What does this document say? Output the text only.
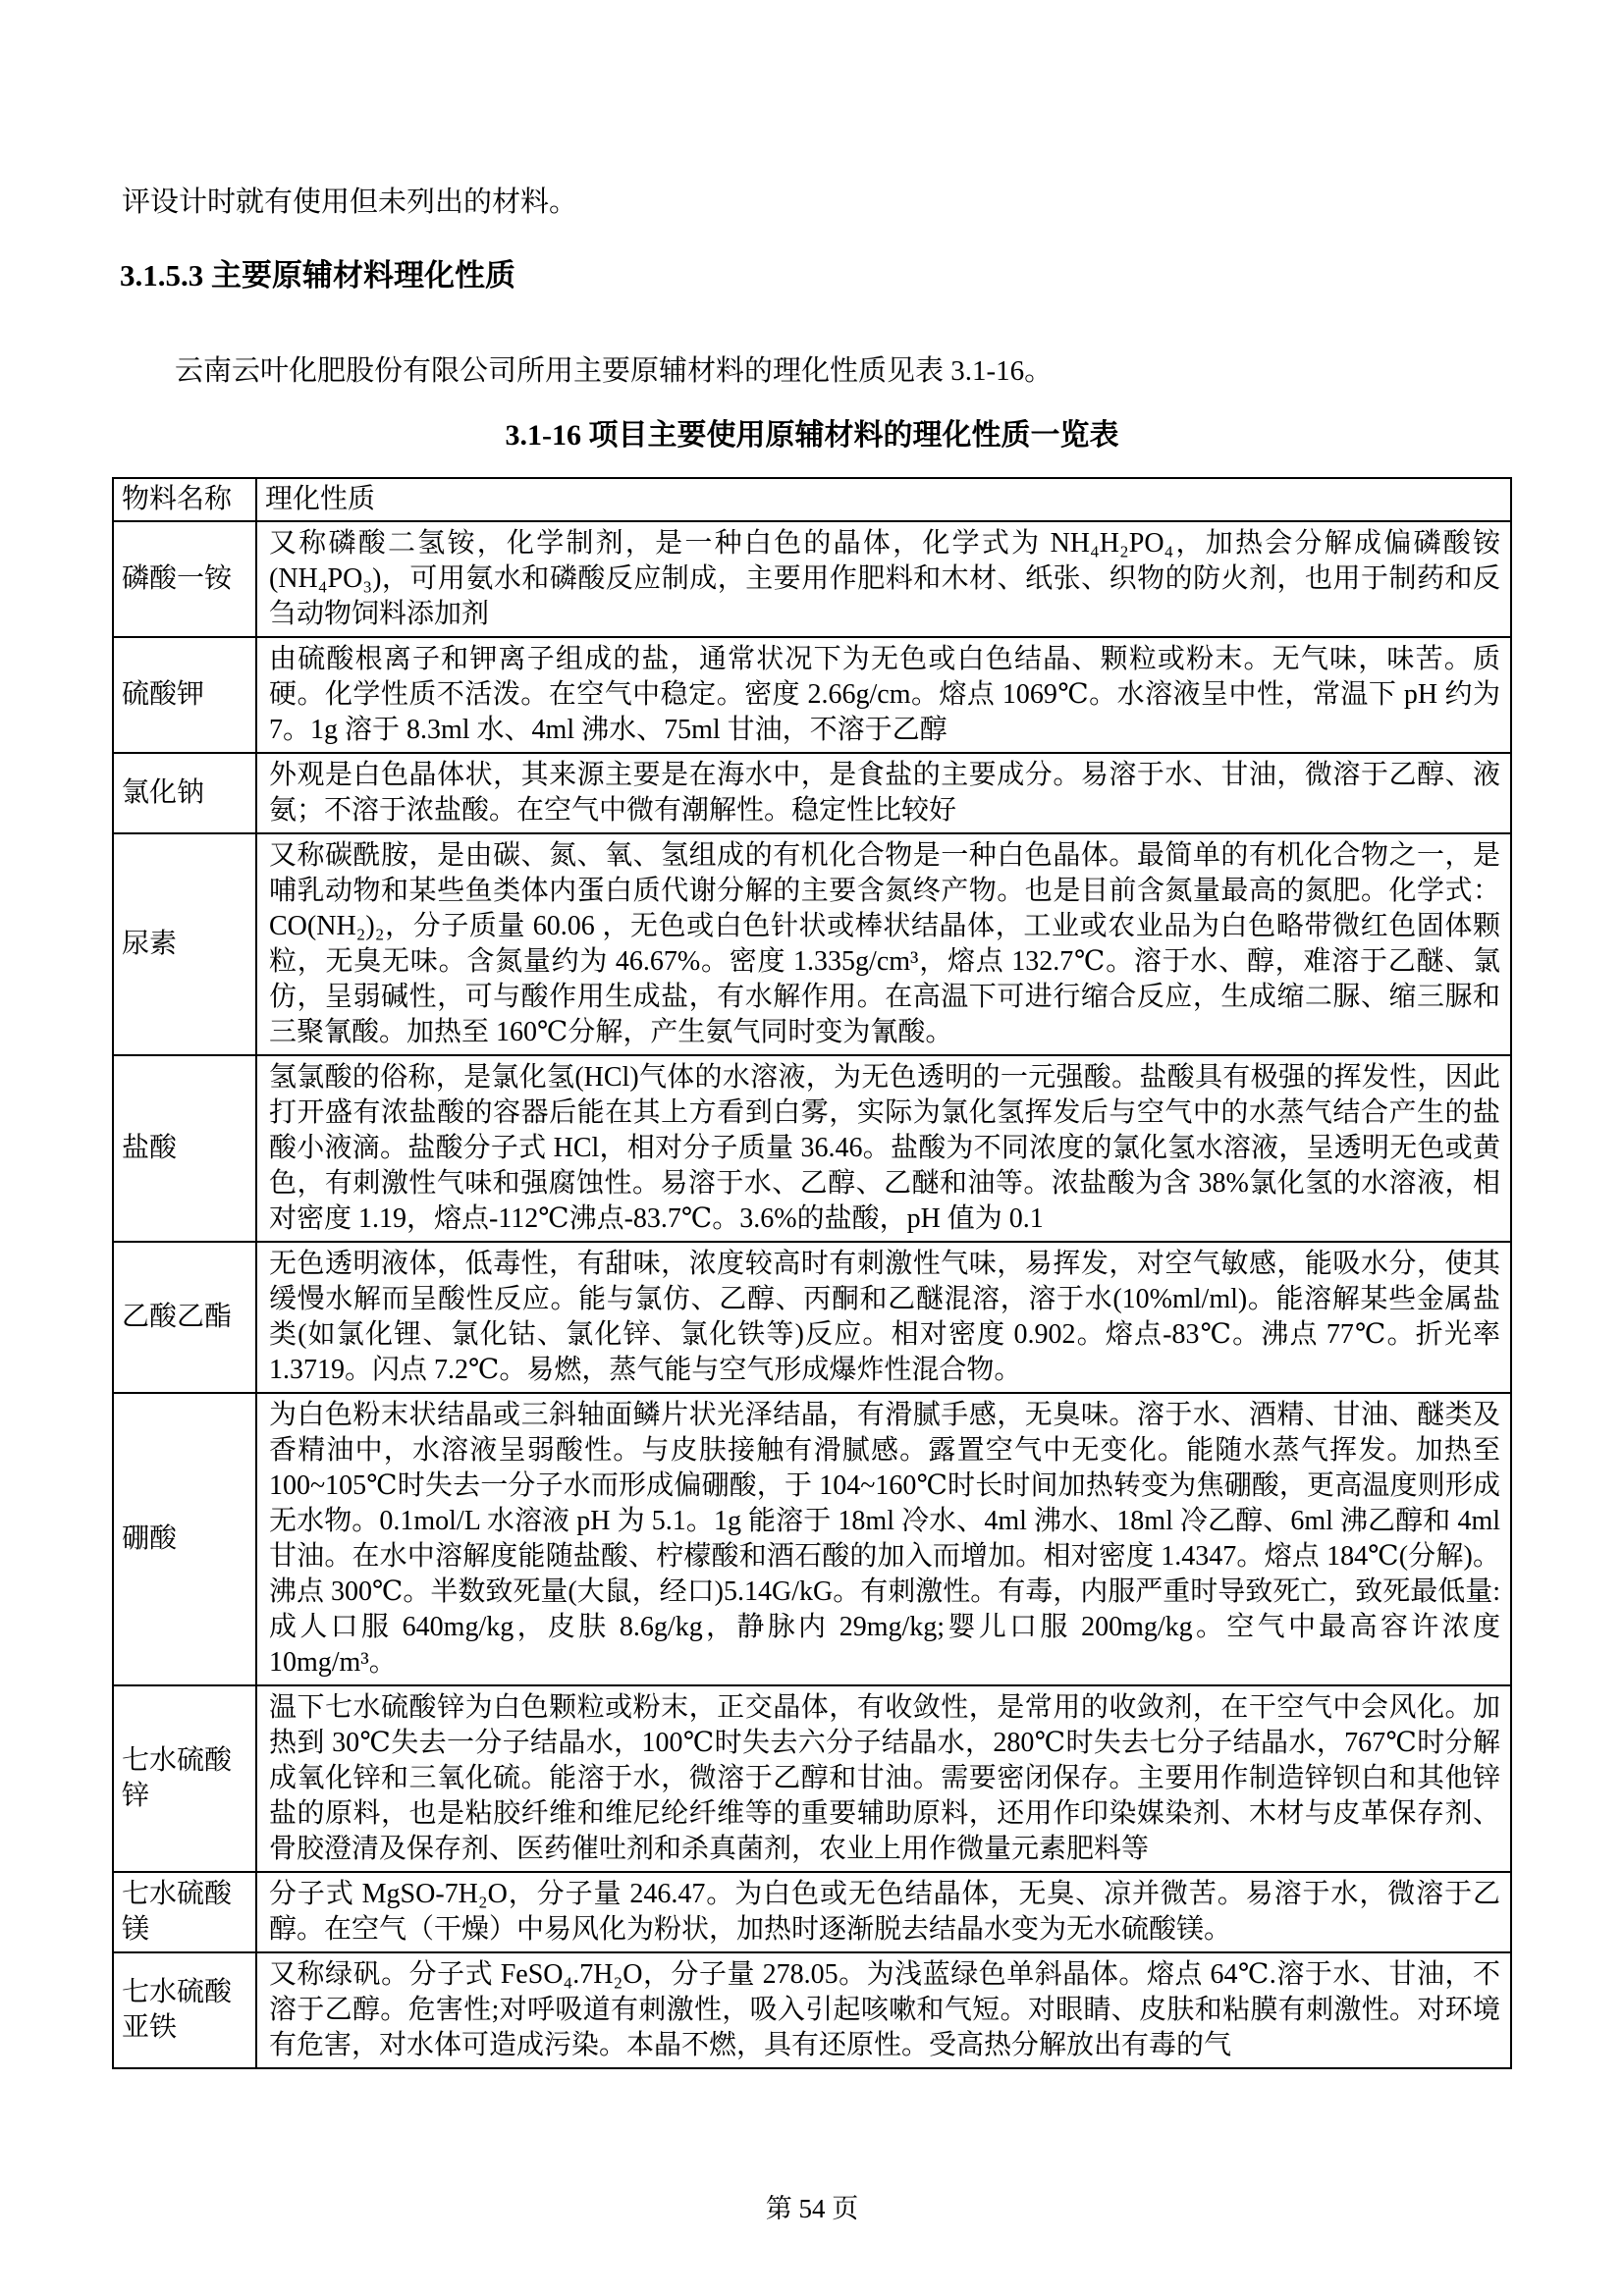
评设计时就有使用但未列出的材料。

3.1.5.3 主要原辅材料理化性质

云南云叶化肥股份有限公司所用主要原辅材料的理化性质见表 3.1-16。

3.1-16 项目主要使用原辅材料的理化性质一览表
物料名称	理化性质
磷酸一铵	又称磷酸二氢铵，化学制剂，是一种白色的晶体，化学式为 NH₄H₂PO₄，加热会分解成偏磷酸铵(NH₄PO₃)，可用氨水和磷酸反应制成，主要用作肥料和木材、纸张、织物的防火剂，也用于制药和反刍动物饲料添加剂
硫酸钾	由硫酸根离子和钾离子组成的盐，通常状况下为无色或白色结晶、颗粒或粉末。无气味，味苦。质硬。化学性质不活泼。在空气中稳定。密度 2.66g/cm。熔点 1069℃。水溶液呈中性，常温下 pH 约为 7。1g 溶于 8.3ml 水、4ml 沸水、75ml 甘油，不溶于乙醇
氯化钠	外观是白色晶体状，其来源主要是在海水中，是食盐的主要成分。易溶于水、甘油，微溶于乙醇、液氨；不溶于浓盐酸。在空气中微有潮解性。稳定性比较好
尿素	又称碳酰胺，是由碳、氮、氧、氢组成的有机化合物是一种白色晶体。最简单的有机化合物之一，是哺乳动物和某些鱼类体内蛋白质代谢分解的主要含氮终产物。也是目前含氮量最高的氮肥。化学式：CO(NH₂)₂，分子质量 60.06 ，无色或白色针状或棒状结晶体，工业或农业品为白色略带微红色固体颗粒，无臭无味。含氮量约为 46.67%。密度 1.335g/cm³，熔点 132.7℃。溶于水、醇，难溶于乙醚、氯仿，呈弱碱性，可与酸作用生成盐，有水解作用。在高温下可进行缩合反应，生成缩二脲、缩三脲和三聚氰酸。加热至 160℃分解，产生氨气同时变为氰酸。
盐酸	氢氯酸的俗称，是氯化氢(HCl)气体的水溶液，为无色透明的一元强酸。盐酸具有极强的挥发性，因此打开盛有浓盐酸的容器后能在其上方看到白雾，实际为氯化氢挥发后与空气中的水蒸气结合产生的盐酸小液滴。盐酸分子式 HCl，相对分子质量 36.46。盐酸为不同浓度的氯化氢水溶液，呈透明无色或黄色，有刺激性气味和强腐蚀性。易溶于水、乙醇、乙醚和油等。浓盐酸为含 38%氯化氢的水溶液，相对密度 1.19，熔点-112℃沸点-83.7℃。3.6%的盐酸，pH 值为 0.1
乙酸乙酯	无色透明液体，低毒性，有甜味，浓度较高时有刺激性气味，易挥发，对空气敏感，能吸水分，使其缓慢水解而呈酸性反应。能与氯仿、乙醇、丙酮和乙醚混溶，溶于水(10%ml/ml)。能溶解某些金属盐类(如氯化锂、氯化钴、氯化锌、氯化铁等)反应。相对密度 0.902。熔点-83℃。沸点 77℃。折光率 1.3719。闪点 7.2℃。易燃，蒸气能与空气形成爆炸性混合物。
硼酸	为白色粉末状结晶或三斜轴面鳞片状光泽结晶，有滑腻手感，无臭味。溶于水、酒精、甘油、醚类及香精油中，水溶液呈弱酸性。与皮肤接触有滑腻感。露置空气中无变化。能随水蒸气挥发。加热至 100~105℃时失去一分子水而形成偏硼酸，于 104~160℃时长时间加热转变为焦硼酸，更高温度则形成无水物。0.1mol/L 水溶液 pH 为 5.1。1g 能溶于 18ml 冷水、4ml 沸水、18ml 冷乙醇、6ml 沸乙醇和 4ml 甘油。在水中溶解度能随盐酸、柠檬酸和酒石酸的加入而增加。相对密度 1.4347。熔点 184℃(分解)。沸点 300℃。半数致死量(大鼠，经口)5.14G/kG。有刺激性。有毒，内服严重时导致死亡，致死最低量:成人口服 640mg/kg，皮肤 8.6g/kg，静脉内 29mg/kg;婴儿口服 200mg/kg。空气中最高容许浓度 10mg/m³。
七水硫酸锌	温下七水硫酸锌为白色颗粒或粉末，正交晶体，有收敛性，是常用的收敛剂，在干空气中会风化。加热到 30℃失去一分子结晶水，100℃时失去六分子结晶水，280℃时失去七分子结晶水，767℃时分解成氧化锌和三氧化硫。能溶于水，微溶于乙醇和甘油。需要密闭保存。主要用作制造锌钡白和其他锌盐的原料，也是粘胶纤维和维尼纶纤维等的重要辅助原料，还用作印染媒染剂、木材与皮革保存剂、骨胶澄清及保存剂、医药催吐剂和杀真菌剂，农业上用作微量元素肥料等
七水硫酸镁	分子式 MgSO-7H₂O，分子量 246.47。为白色或无色结晶体，无臭、凉并微苦。易溶于水，微溶于乙醇。在空气（干燥）中易风化为粉状，加热时逐渐脱去结晶水变为无水硫酸镁。
七水硫酸亚铁	又称绿矾。分子式 FeSO₄.7H₂O，分子量 278.05。为浅蓝绿色单斜晶体。熔点 64℃.溶于水、甘油，不溶于乙醇。危害性;对呼吸道有刺激性，吸入引起咳嗽和气短。对眼睛、皮肤和粘膜有刺激性。对环境有危害，对水体可造成污染。本晶不燃，具有还原性。受高热分解放出有毒的气
第 54 页
